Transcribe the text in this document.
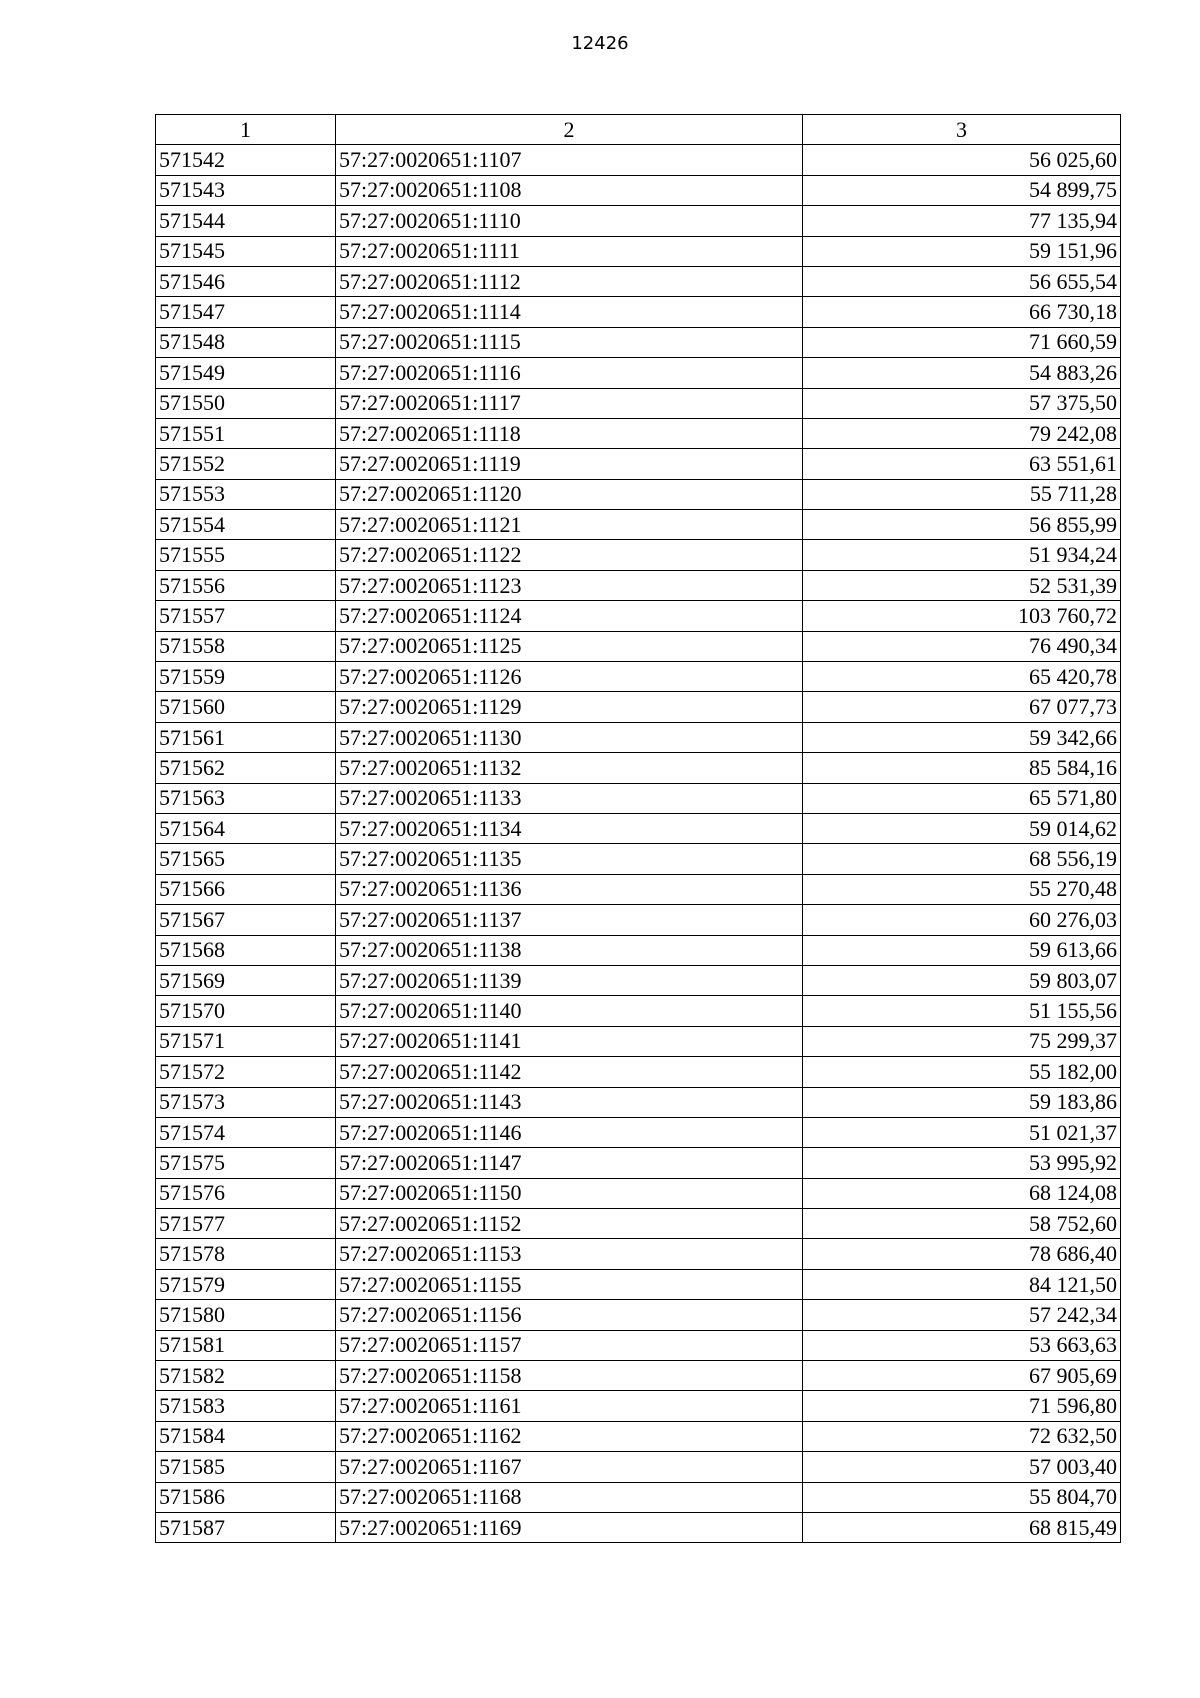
12426
1	2	3
571542	57:27:0020651:1107	56 025,60
571543	57:27:0020651:1108	54 899,75
571544	57:27:0020651:1110	77 135,94
571545	57:27:0020651:1111	59 151,96
571546	57:27:0020651:1112	56 655,54
571547	57:27:0020651:1114	66 730,18
571548	57:27:0020651:1115	71 660,59
571549	57:27:0020651:1116	54 883,26
571550	57:27:0020651:1117	57 375,50
571551	57:27:0020651:1118	79 242,08
571552	57:27:0020651:1119	63 551,61
571553	57:27:0020651:1120	55 711,28
571554	57:27:0020651:1121	56 855,99
571555	57:27:0020651:1122	51 934,24
571556	57:27:0020651:1123	52 531,39
571557	57:27:0020651:1124	103 760,72
571558	57:27:0020651:1125	76 490,34
571559	57:27:0020651:1126	65 420,78
571560	57:27:0020651:1129	67 077,73
571561	57:27:0020651:1130	59 342,66
571562	57:27:0020651:1132	85 584,16
571563	57:27:0020651:1133	65 571,80
571564	57:27:0020651:1134	59 014,62
571565	57:27:0020651:1135	68 556,19
571566	57:27:0020651:1136	55 270,48
571567	57:27:0020651:1137	60 276,03
571568	57:27:0020651:1138	59 613,66
571569	57:27:0020651:1139	59 803,07
571570	57:27:0020651:1140	51 155,56
571571	57:27:0020651:1141	75 299,37
571572	57:27:0020651:1142	55 182,00
571573	57:27:0020651:1143	59 183,86
571574	57:27:0020651:1146	51 021,37
571575	57:27:0020651:1147	53 995,92
571576	57:27:0020651:1150	68 124,08
571577	57:27:0020651:1152	58 752,60
571578	57:27:0020651:1153	78 686,40
571579	57:27:0020651:1155	84 121,50
571580	57:27:0020651:1156	57 242,34
571581	57:27:0020651:1157	53 663,63
571582	57:27:0020651:1158	67 905,69
571583	57:27:0020651:1161	71 596,80
571584	57:27:0020651:1162	72 632,50
571585	57:27:0020651:1167	57 003,40
571586	57:27:0020651:1168	55 804,70
571587	57:27:0020651:1169	68 815,49
